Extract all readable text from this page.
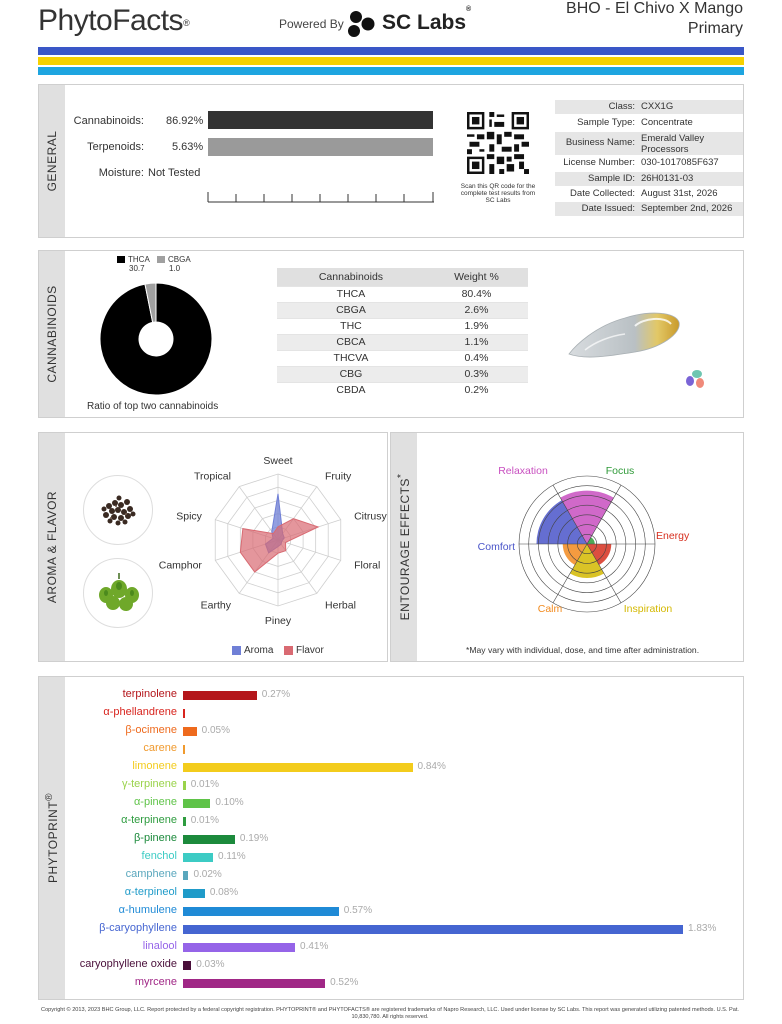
PhytoFacts®	Powered By SC Labs®	BHO - El Chivo X Mango
Primary
GENERAL
Cannabinoids: 86.92%
Terpenoids:	5.63%
Moisture: Not Tested
Scan this QR code for the complete test results from SC Labs
Class: CXX1G
Sample Type: Concentrate
Business Name: Emerald Valley Processors
License Number: 030-1017085F637
Sample ID: 26H0131-03
Date Collected: August 31st, 2026
Date Issued: September 2nd, 2026
CANNABINOIDS
THCA
30.7
CBGA
1.0
Ratio of top two cannabinoids
Cannabinoids	Weight %
THCA	80.4%
CBGA	2.6%
THC	1.9%
CBCA	1.1%
THCVA	0.4%
CBG	0.3%
CBDA	0.2%
AROMA & FLAVOR
Sweet
Fruity
Citrusy
Floral
Herbal
Piney
Earthy
Camphor
Spicy
Tropical
Aroma Flavor
ENTOURAGE EFFECTS*	Relaxation	Focus
Energy
Inspiration
Calm
Comfort
*May vary with individual, dose, and time after administration.
PHYTOPRINT®
terpinolene	0.27%
α-phellandrene
β-ocimene 0.05%
carene
limonene	0.84%
γ-terpinene 0.01%
α-pinene	0.10%
α-terpinene 0.01%
β-pinene	0.19%
fenchol	0.11%
camphene 0.02%
α-terpineol	0.08%
α-humulene	0.57%
β-caryophyllene	1.83%
linalool	0.41%
caryophyllene oxide 0.03%
myrcene	0.52%
Copyright © 2013, 2023 BHC Group, LLC. Report protected by a federal copyright registration. PHYTOPRINT® and PHYTOFACTS® are registered trademarks of Napro Research, LLC. Used under license by SC Labs. This report was generated utilizing patented methods. U.S. Pat. 10,830,780. All rights reserved.
